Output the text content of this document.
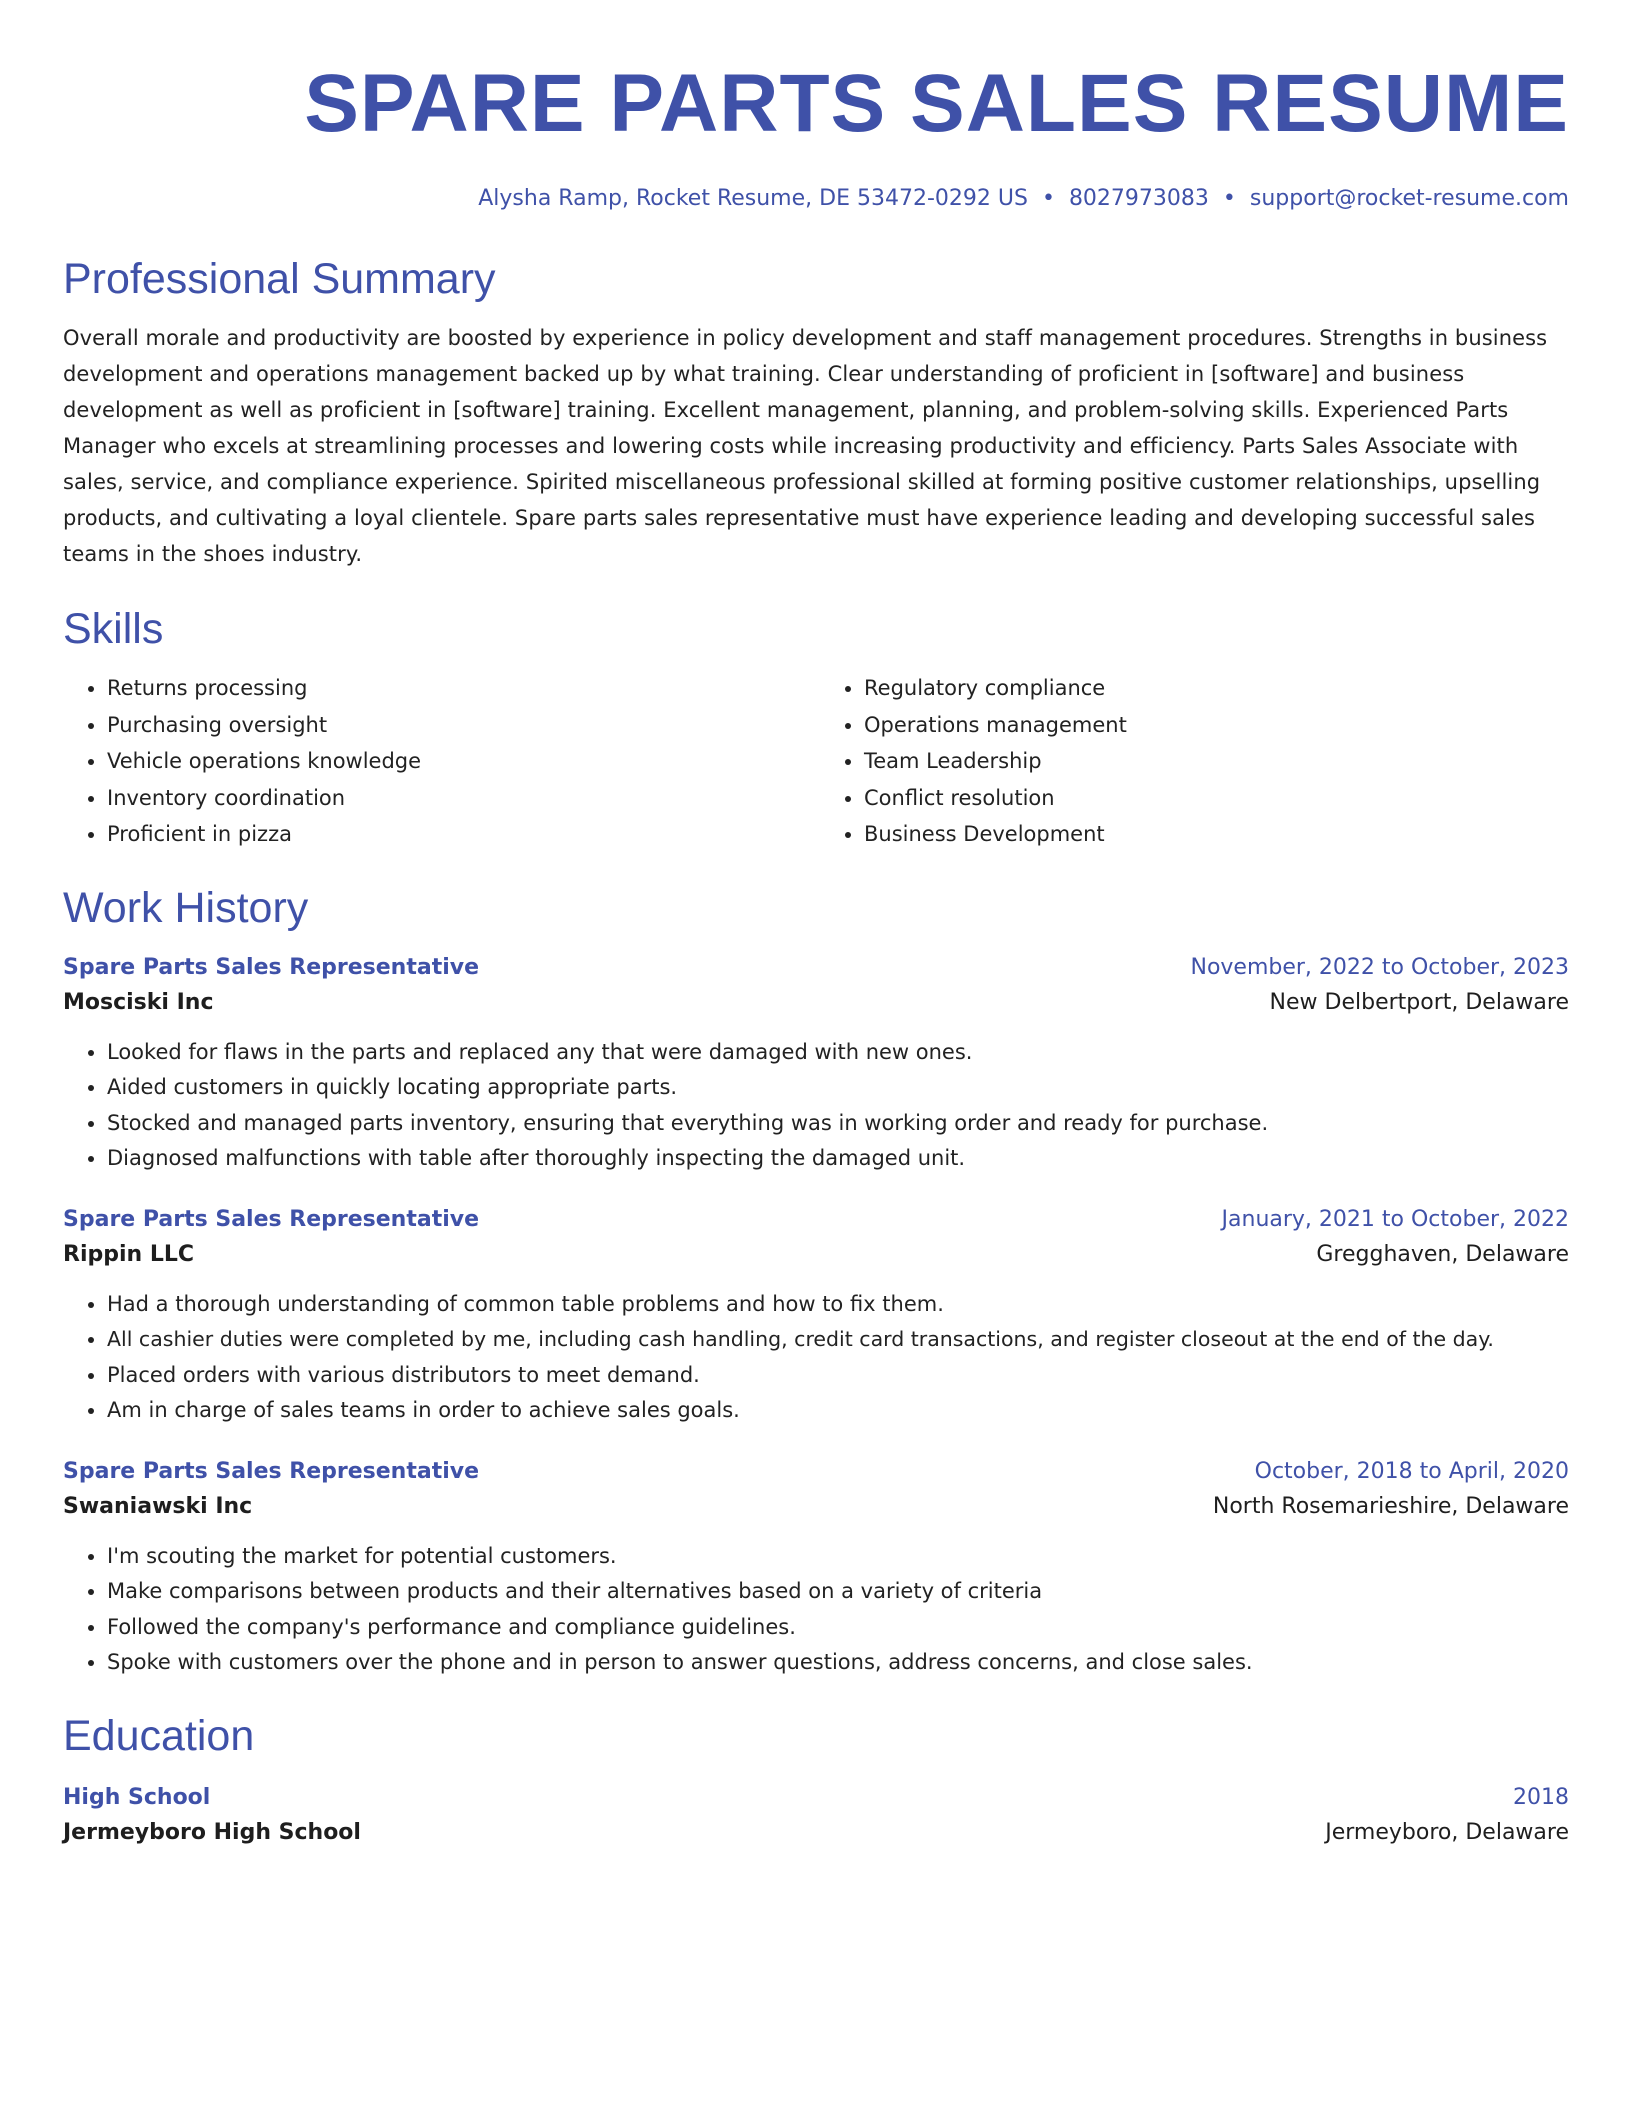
SPARE PARTS SALES RESUME
Alysha Ramp, Rocket Resume, DE 53472-0292 US • 8027973083 • support@rocket-resume.com
Professional Summary

Overall morale and productivity are boosted by experience in policy development and staff management procedures. Strengths in business development and operations management backed up by what training. Clear understanding of proficient in [software] and business development as well as proficient in [software] training. Excellent management, planning, and problem-solving skills. Experienced Parts Manager who excels at streamlining processes and lowering costs while increasing productivity and efficiency. Parts Sales Associate with sales, service, and compliance experience. Spirited miscellaneous professional skilled at forming positive customer relationships, upselling products, and cultivating a loyal clientele. Spare parts sales representative must have experience leading and developing successful sales teams in the shoes industry.

Skills
• Returns processing
• Purchasing oversight
• Vehicle operations knowledge
• Inventory coordination
• Proficient in pizza
• Regulatory compliance
• Operations management
• Team Leadership
• Conflict resolution
• Business Development
Work History
Spare Parts Sales Representative	November, 2022 to October, 2023
Mosciski Inc	New Delbertport, Delaware
• Looked for flaws in the parts and replaced any that were damaged with new ones.
• Aided customers in quickly locating appropriate parts.
• Stocked and managed parts inventory, ensuring that everything was in working order and ready for purchase.
• Diagnosed malfunctions with table after thoroughly inspecting the damaged unit.
Spare Parts Sales Representative	January, 2021 to October, 2022
Rippin LLC	Gregghaven, Delaware
• Had a thorough understanding of common table problems and how to fix them.
• All cashier duties were completed by me, including cash handling, credit card transactions, and register closeout at the end of the day.
• Placed orders with various distributors to meet demand.
• Am in charge of sales teams in order to achieve sales goals.
Spare Parts Sales Representative	October, 2018 to April, 2020
Swaniawski Inc	North Rosemarieshire, Delaware
• I'm scouting the market for potential customers.
• Make comparisons between products and their alternatives based on a variety of criteria
• Followed the company's performance and compliance guidelines.
• Spoke with customers over the phone and in person to answer questions, address concerns, and close sales.
Education
High School	2018
Jermeyboro High School	Jermeyboro, Delaware
